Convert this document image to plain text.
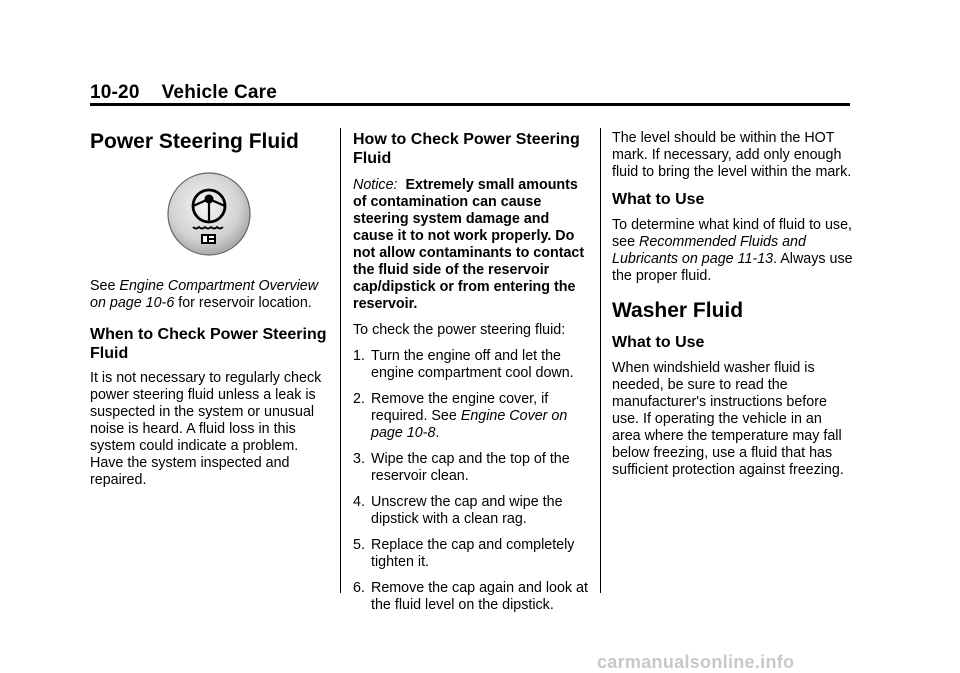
10-20 Vehicle Care
Power Steering Fluid

See Engine Compartment Overview on page 10-6 for reservoir location.

When to Check Power Steering Fluid

It is not necessary to regularly check power steering fluid unless a leak is suspected in the system or unusual noise is heard. A fluid loss in this system could indicate a problem. Have the system inspected and repaired.

How to Check Power Steering Fluid

Notice: Extremely small amounts of contamination can cause steering system damage and cause it to not work properly. Do not allow contaminants to contact the fluid side of the reservoir cap/dipstick or from entering the reservoir.

To check the power steering fluid:

1. Turn the engine off and let the engine compartment cool down.
2. Remove the engine cover, if required. See Engine Cover on page 10-8.
3. Wipe the cap and the top of the reservoir clean.
4. Unscrew the cap and wipe the dipstick with a clean rag.
5. Replace the cap and completely tighten it.
6. Remove the cap again and look at the fluid level on the dipstick.

The level should be within the HOT mark. If necessary, add only enough fluid to bring the level within the mark.

What to Use

To determine what kind of fluid to use, see Recommended Fluids and Lubricants on page 11-13. Always use the proper fluid.

Washer Fluid
What to Use

When windshield washer fluid is needed, be sure to read the manufacturer's instructions before use. If operating the vehicle in an area where the temperature may fall below freezing, use a fluid that has sufficient protection against freezing.

carmanualsonline.info
